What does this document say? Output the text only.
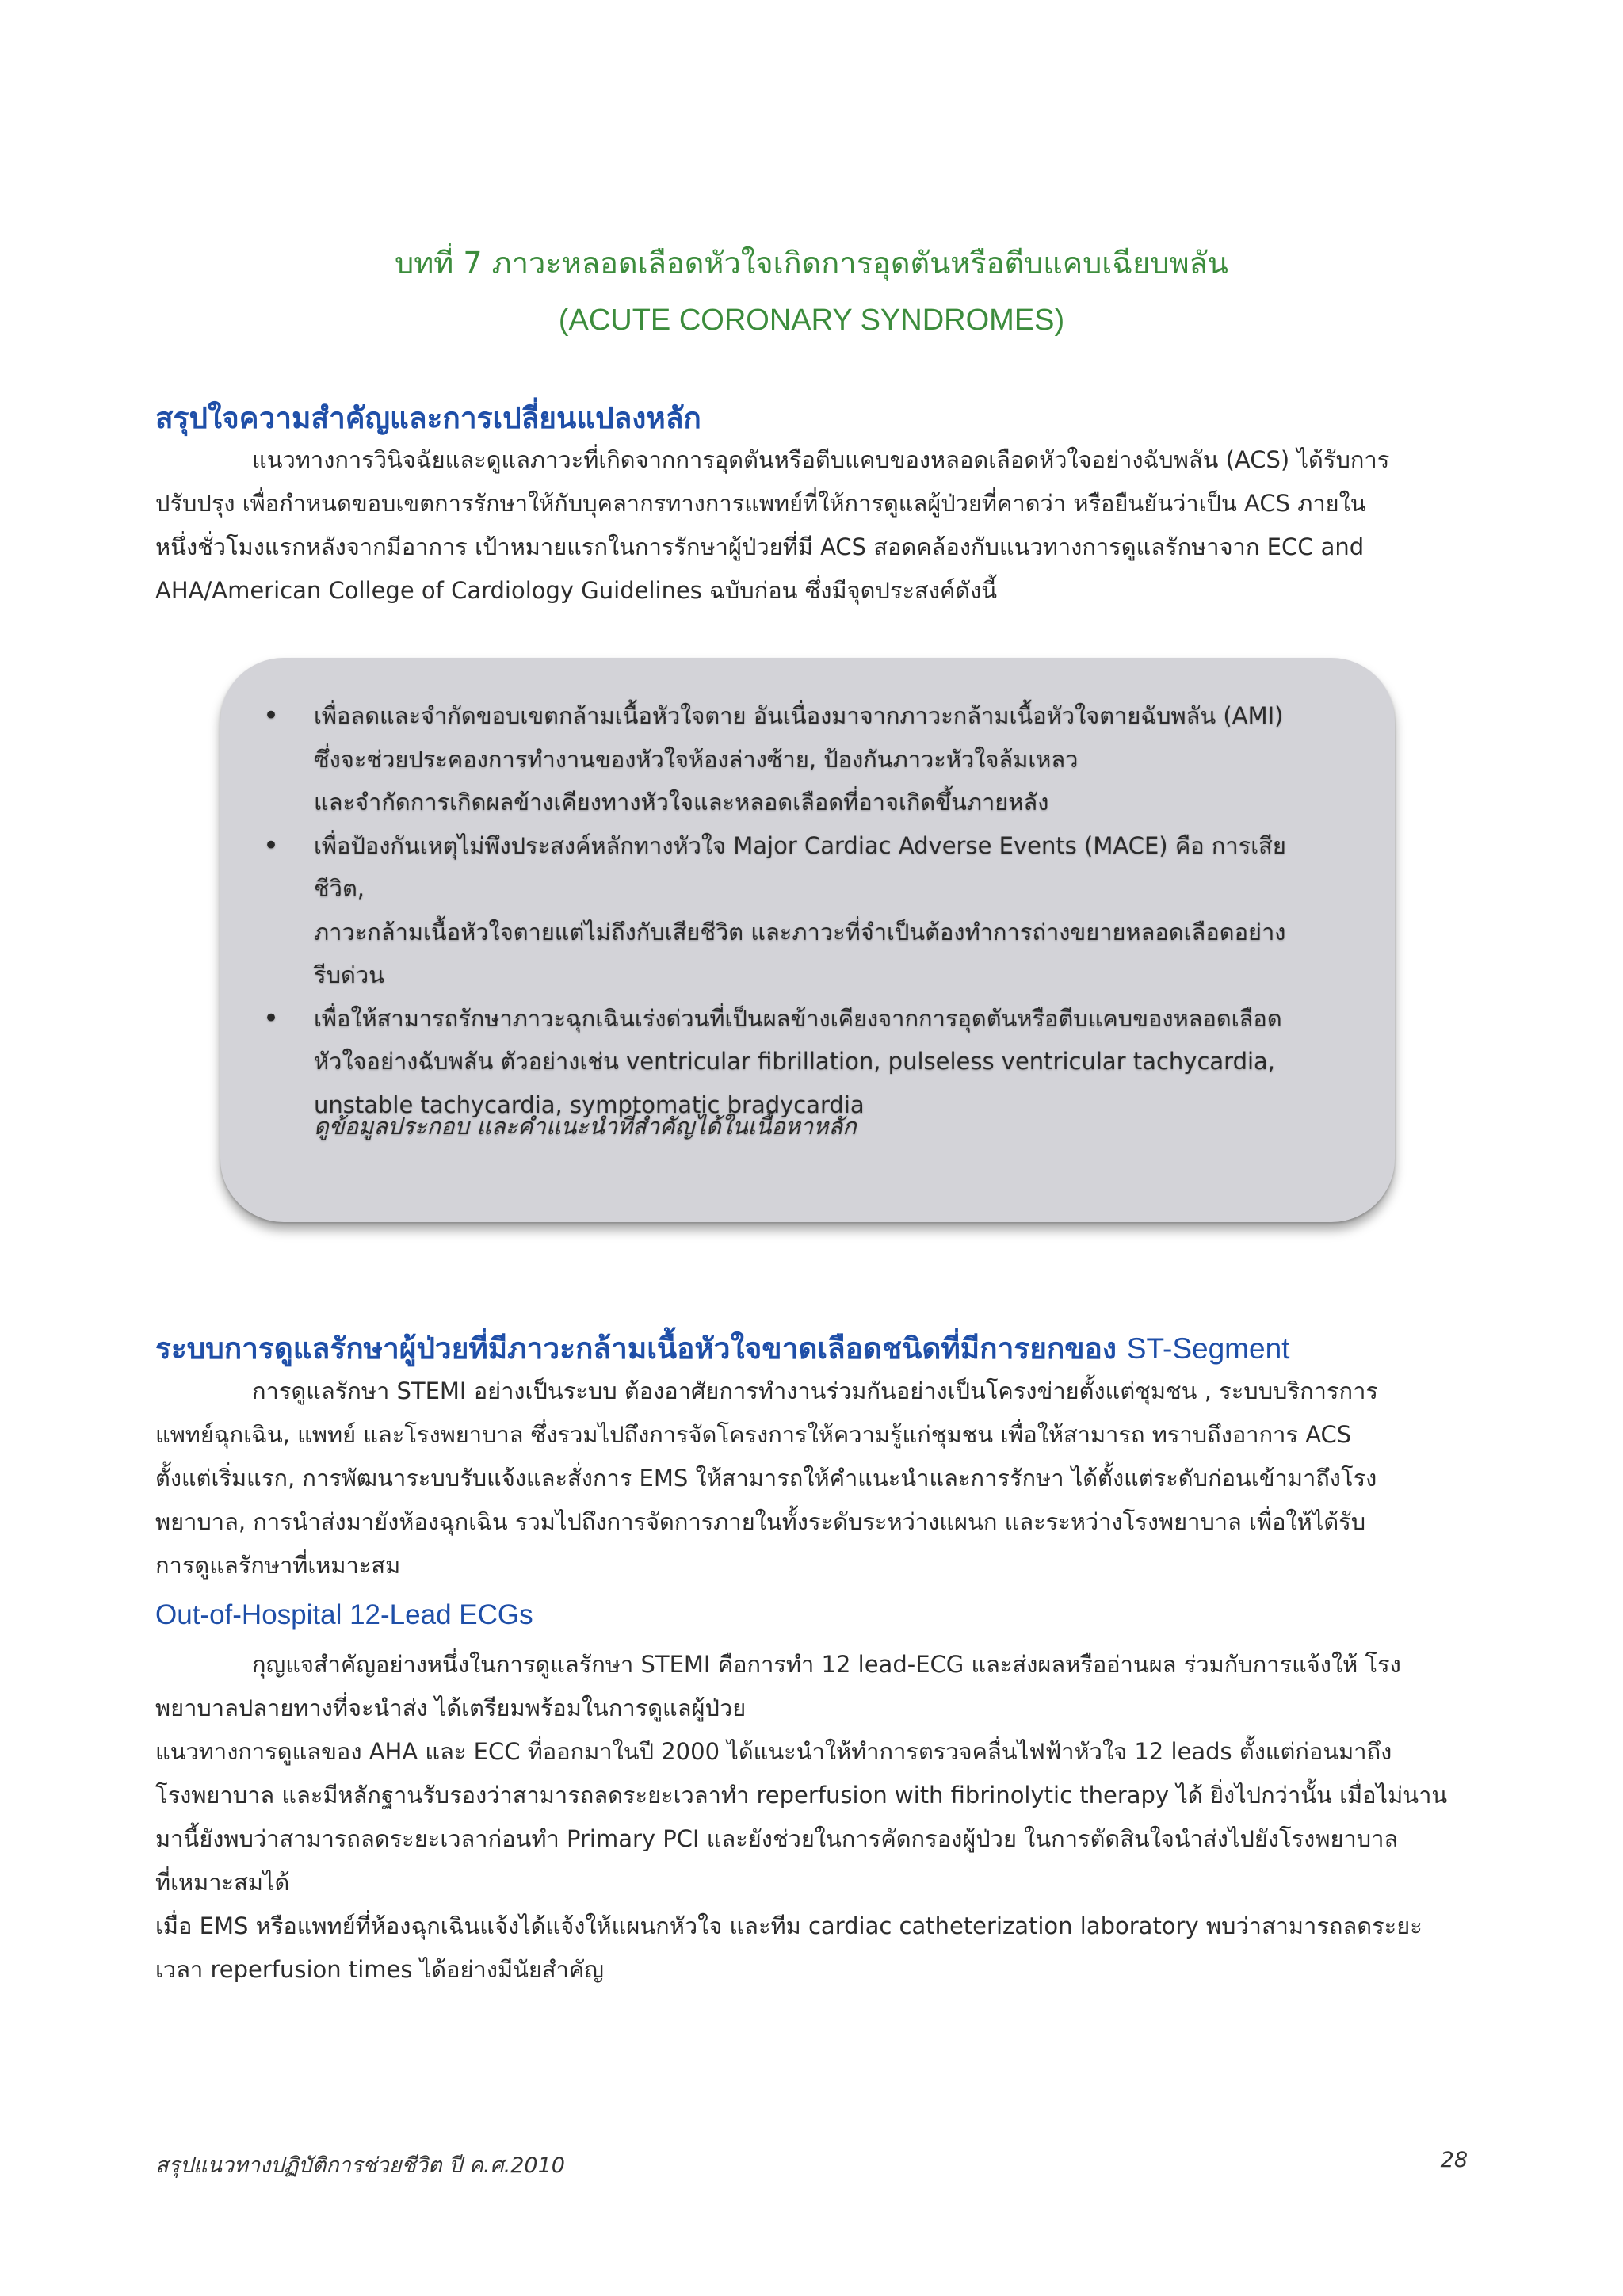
บทที่ 7 ภาวะหลอดเลือดหัวใจเกิดการอุดตันหรือตีบแคบเฉียบพลัน
(ACUTE CORONARY SYNDROMES)
สรุปใจความสำคัญและการเปลี่ยนแปลงหลัก

แนวทางการวินิจฉัยและดูแลภาวะที่เกิดจากการอุดตันหรือตีบแคบของหลอดเลือดหัวใจอย่างฉับพลัน (ACS) ได้รับการ

ปรับปรุง เพื่อกำหนดขอบเขตการรักษาให้กับบุคลากรทางการแพทย์ที่ให้การดูแลผู้ป่วยที่คาดว่า หรือยืนยันว่าเป็น ACS ภายใน

หนึ่งชั่วโมงแรกหลังจากมีอาการ เป้าหมายแรกในการรักษาผู้ป่วยที่มี ACS สอดคล้องกับแนวทางการดูแลรักษาจาก ECC and

AHA/American College of Cardiology Guidelines ฉบับก่อน ซึ่งมีจุดประสงค์ดังนี้

• เพื่อลดและจำกัดขอบเขตกล้ามเนื้อหัวใจตาย อันเนื่องมาจากภาวะกล้ามเนื้อหัวใจตายฉับพลัน (AMI)
ซึ่งจะช่วยประคองการทำงานของหัวใจห้องล่างซ้าย, ป้องกันภาวะหัวใจล้มเหลว
และจำกัดการเกิดผลข้างเคียงทางหัวใจและหลอดเลือดที่อาจเกิดขึ้นภายหลัง
• เพื่อป้องกันเหตุไม่พึงประสงค์หลักทางหัวใจ Major Cardiac Adverse Events (MACE) คือ การเสียชีวิต,
ภาวะกล้ามเนื้อหัวใจตายแต่ไม่ถึงกับเสียชีวิต และภาวะที่จำเป็นต้องทำการถ่างขยายหลอดเลือดอย่าง
รีบด่วน
• เพื่อให้สามารถรักษาภาวะฉุกเฉินเร่งด่วนที่เป็นผลข้างเคียงจากการอุดตันหรือตีบแคบของหลอดเลือด
หัวใจอย่างฉับพลัน ตัวอย่างเช่น ventricular fibrillation, pulseless ventricular tachycardia,
unstable tachycardia, symptomatic bradycardia
ดูข้อมูลประกอบ และคำแนะนำที่สำคัญได้ในเนื้อหาหลัก
ระบบการดูแลรักษาผู้ป่วยที่มีภาวะกล้ามเนื้อหัวใจขาดเลือดชนิดที่มีการยกของ ST-Segment

การดูแลรักษา STEMI อย่างเป็นระบบ ต้องอาศัยการทำงานร่วมกันอย่างเป็นโครงข่ายตั้งแต่ชุมชน , ระบบบริการการ

แพทย์ฉุกเฉิน, แพทย์ และโรงพยาบาล ซึ่งรวมไปถึงการจัดโครงการให้ความรู้แก่ชุมชน เพื่อให้สามารถ ทราบถึงอาการ ACS

ตั้งแต่เริ่มแรก, การพัฒนาระบบรับแจ้งและสั่งการ EMS ให้สามารถให้คำแนะนำและการรักษา ได้ตั้งแต่ระดับก่อนเข้ามาถึงโรง

พยาบาล, การนำส่งมายังห้องฉุกเฉิน รวมไปถึงการจัดการภายในทั้งระดับระหว่างแผนก และระหว่างโรงพยาบาล เพื่อให้ได้รับ

การดูแลรักษาที่เหมาะสม

Out-of-Hospital 12-Lead ECGs

กุญแจสำคัญอย่างหนึ่งในการดูแลรักษา STEMI คือการทำ 12 lead-ECG และส่งผลหรืออ่านผล ร่วมกับการแจ้งให้ โรง

พยาบาลปลายทางที่จะนำส่ง ได้เตรียมพร้อมในการดูแลผู้ป่วย

แนวทางการดูแลของ AHA และ ECC ที่ออกมาในปี 2000 ได้แนะนำให้ทำการตรวจคลื่นไฟฟ้าหัวใจ 12 leads ตั้งแต่ก่อนมาถึง

โรงพยาบาล และมีหลักฐานรับรองว่าสามารถลดระยะเวลาทำ reperfusion with fibrinolytic therapy ได้ ยิ่งไปกว่านั้น เมื่อไม่นาน

มานี้ยังพบว่าสามารถลดระยะเวลาก่อนทำ Primary PCI และยังช่วยในการคัดกรองผู้ป่วย ในการตัดสินใจนำส่งไปยังโรงพยาบาล

ที่เหมาะสมได้

เมื่อ EMS หรือแพทย์ที่ห้องฉุกเฉินแจ้งได้แจ้งให้แผนกหัวใจ และทีม cardiac catheterization laboratory พบว่าสามารถลดระยะ

เวลา reperfusion times ได้อย่างมีนัยสำคัญ

สรุปแนวทางปฏิบัติการช่วยชีวิต ปี ค.ศ.2010	28
